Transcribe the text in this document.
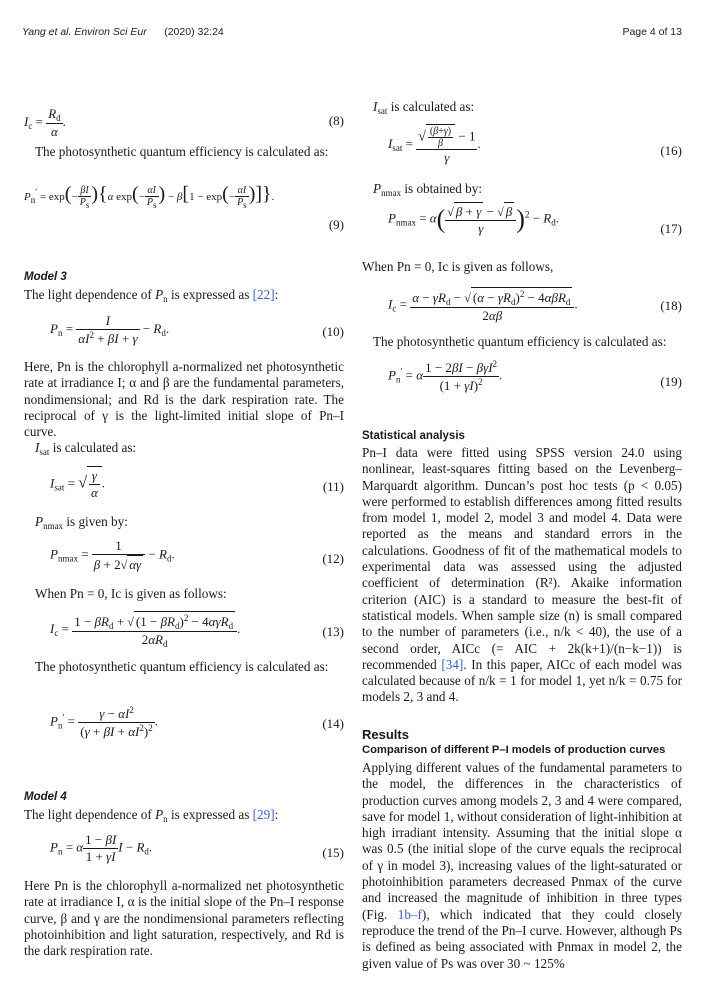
Yang et al. Environ Sci Eur (2020) 32:24	Page 4 of 13
$I_c = \frac{R_d}{\alpha}$ .	(8)

The photosynthetic quantum efficiency is calculated as:

$P_n' = \exp(- \frac{\beta I}{P_s} )\{\alpha$ $\exp(- \frac{\alpha I}{P_s}$ ) − $\beta[1 - \exp(- \frac{\alpha I}{P_s}$ )]}.
(9)
Model 3

The light dependence of $P_n$ is expressed as [22]:

$P_n = \frac{I}{\alpha I^2 + \beta I + \gamma} - R_d$.	(10)

Here, Pn is the chlorophyll a-normalized net photosynthetic rate at irradiance I; α and β are the fundamental parameters, nondimensional; and Rd is the dark respiration rate. The reciprocal of γ is the light-limited initial slope of Pn–I curve.

$I_{sat}$ is calculated as:

$I_{sat}$ = √ $\frac{\gamma}{\alpha}$ .	(11)

$P_{nmax}$ is given by:

$P_{nmax} = \frac{1}{\beta + 2√ \alpha\gamma} - R_d$.	(12)

When Pn = 0, Ic is given as follows:

$I_c = \frac{1 - \beta R_d + √ (1 - \beta R_d)^2 - 4\alpha\gamma R_d}{2\alpha R_d}$ .	(13)

The photosynthetic quantum efficiency is calculated as:

$P_n' = \frac{\gamma - \alpha I^2}{(\gamma + \beta I + \alpha I^2)^2}$ .	(14)
Model 4

The light dependence of $P_n$ is expressed as [29]:

$P_n = \alpha \frac{1 - \beta I}{1 + \gamma I}$ $I - R_d$.	(15)

Here Pn is the chlorophyll a-normalized net photosynthetic rate at irradiance I, α is the initial slope of the Pn–I response curve, β and γ are the nondimensional parameters reflecting photoinhibition and light saturation, respectively, and Rd is the dark respiration rate.

$I_{sat}$ is calculated as:

$I_{sat} = \frac{√ \frac{(\beta+\gamma)}{\beta} - 1}{\gamma}$ .	(16)

$P_{nmax}$ is obtained by:

$P_{nmax} = \alpha( \frac{√ \beta + \gamma - √ \beta}{\gamma} )^2 - R_d$.
(17)

When Pn = 0, Ic is given as follows,

$I_c = \frac{\alpha - \gamma R_d - √ (\alpha - \gamma R_d)^2 - 4\alpha\beta R_d}{2\alpha\beta}$ .	(18)

The photosynthetic quantum efficiency is calculated as:

$P_n' = \alpha \frac{1 - 2\beta I - \beta\gamma I^2}{(1 + \gamma I)^2}$ .	(19)
Statistical analysis

Pn–I data were fitted using SPSS version 24.0 using nonlinear, least-squares fitting based on the Levenberg–Marquardt algorithm. Duncan’s post hoc tests (p < 0.05) were performed to establish differences among fitted results from model 1, model 2, model 3 and model 4. Data were reported as the means and standard errors in the calculations. Goodness of fit of the mathematical models to experimental data was assessed using the adjusted coefficient of determination (R²). Akaike information criterion (AIC) is a standard to measure the best-fit of statistical models. When sample size (n) is small compared to the number of parameters (i.e., n/k < 40), the use of a second order, AICc (= AIC + 2k(k+1)/(n−k−1)) is recommended [34]. In this paper, AICc of each model was calculated because of n/k = 1 for model 1, yet n/k = 0.75 for models 2, 3 and 4.

Results
Comparison of different P–I models of production curves

Applying different values of the fundamental parameters to the model, the differences in the characteristics of production curves among models 2, 3 and 4 were compared, save for model 1, without consideration of light-inhibition at high irradiant intensity. Assuming that the initial slope α was 0.5 (the initial slope of the curve equals the reciprocal of γ in model 3), increasing values of the light-saturated or photoinhibition parameters decreased Pnmax of the curve and increased the magnitude of inhibition in three types (Fig. 1b–f), which indicated that they could closely reproduce the trend of the Pn–I curve. However, although Ps is defined as being associated with Pnmax in model 2, the given value of Ps was over 30 ~ 125%
